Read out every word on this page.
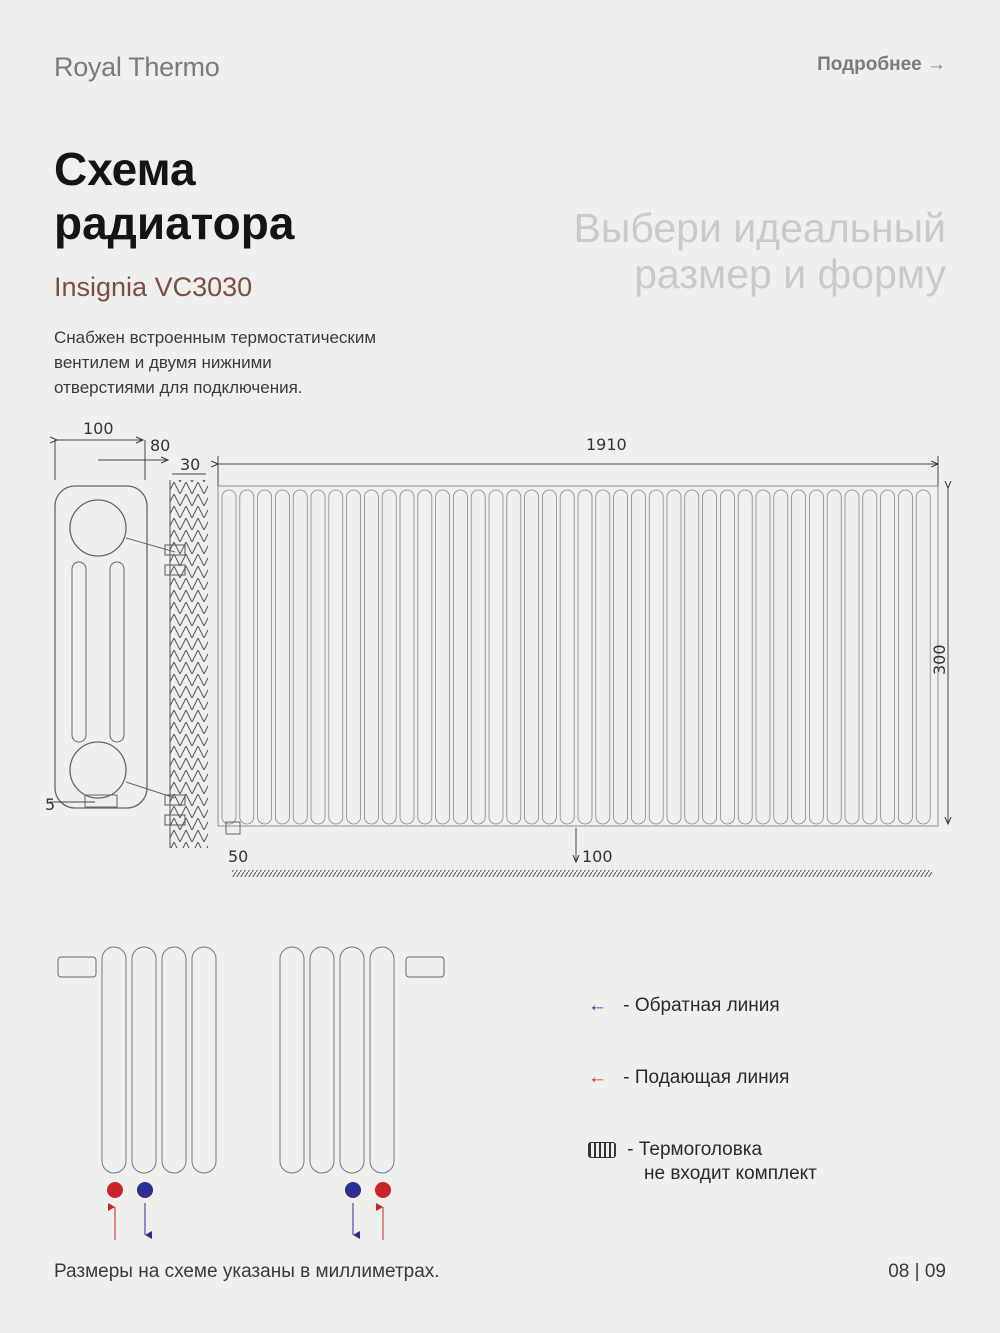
Royal Thermo	Подробнее →
Схема
радиатора
Insignia VC3030
Выбери идеальный
размер и форму
Снабжен встроенным термостатическим
вентилем и двумя нижними
отверстиями для подключения.
100
80
30
5
1910
300
50	100
← - Обратная линия
← - Подающая линия
- Термоголовка
не входит комплект
Размеры на схеме указаны в миллиметрах.	08 | 09
